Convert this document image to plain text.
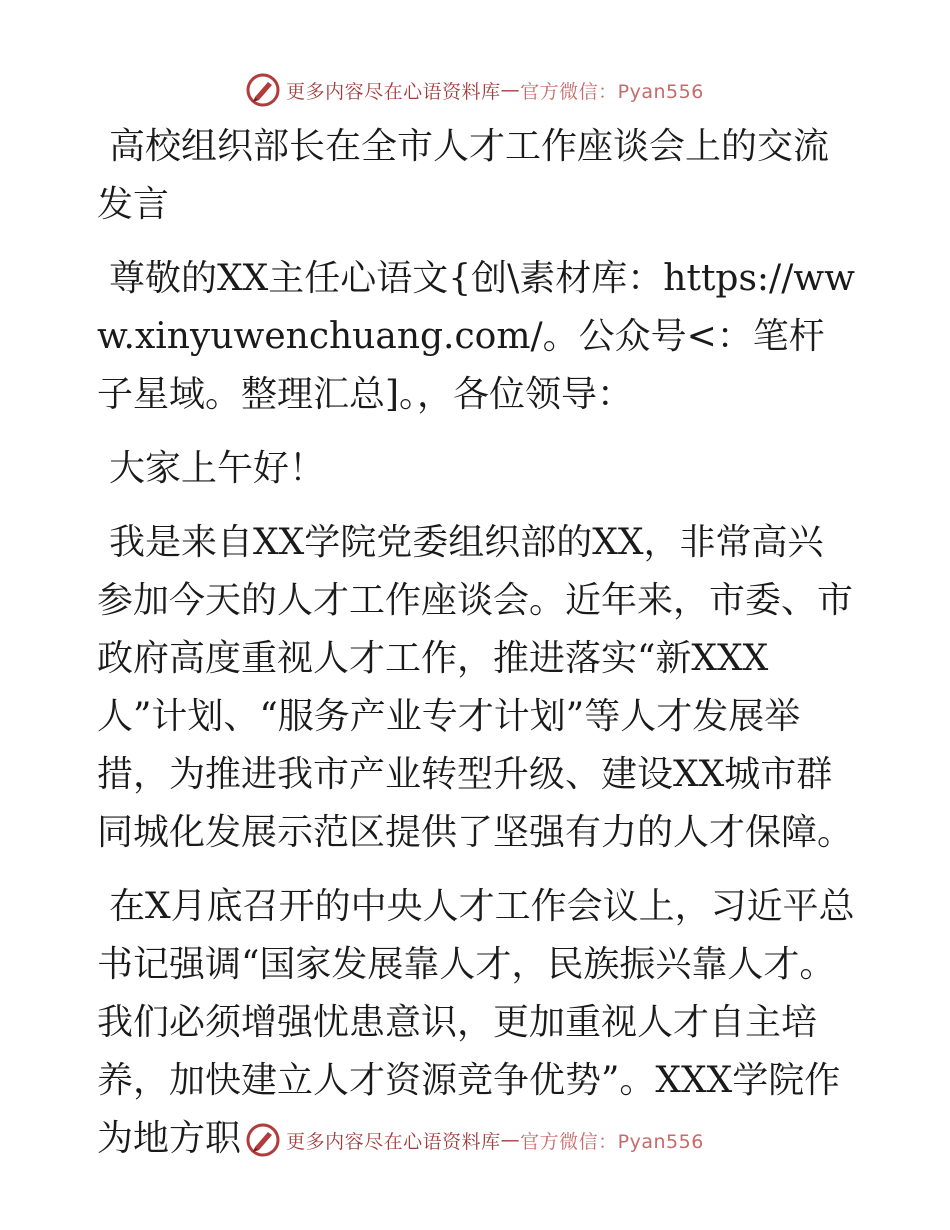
更多内容尽在心语资料库 — 官方微信：Pyan556

高校组织部长在全市人才工作座谈会上的交流发言

尊敬的XX主任心语文{创\素材库：https://www.xinyuwenchuang.com/。公众号<：笔杆子星域。整理汇总]。，各位领导：

大家上午好！

我是来自XX学院党委组织部的XX，非常高兴参加今天的人才工作座谈会。近年来，市委、市政府高度重视人才工作，推进落实“新XXX人”计划、“服务产业专才计划”等人才发展举措，为推进我市产业转型升级、建设XX城市群同城化发展示范区提供了坚强有力的人才保障。

在X月底召开的中央人才工作会议上，习近平总书记强调“国家发展靠人才，民族振兴靠人才。我们必须增强忧患意识，更加重视人才自主培养，加快建立人才资源竞争优势”。XXX学院作为地方职	更多内容尽在心语资料库 — 官方微信：Pyan556
